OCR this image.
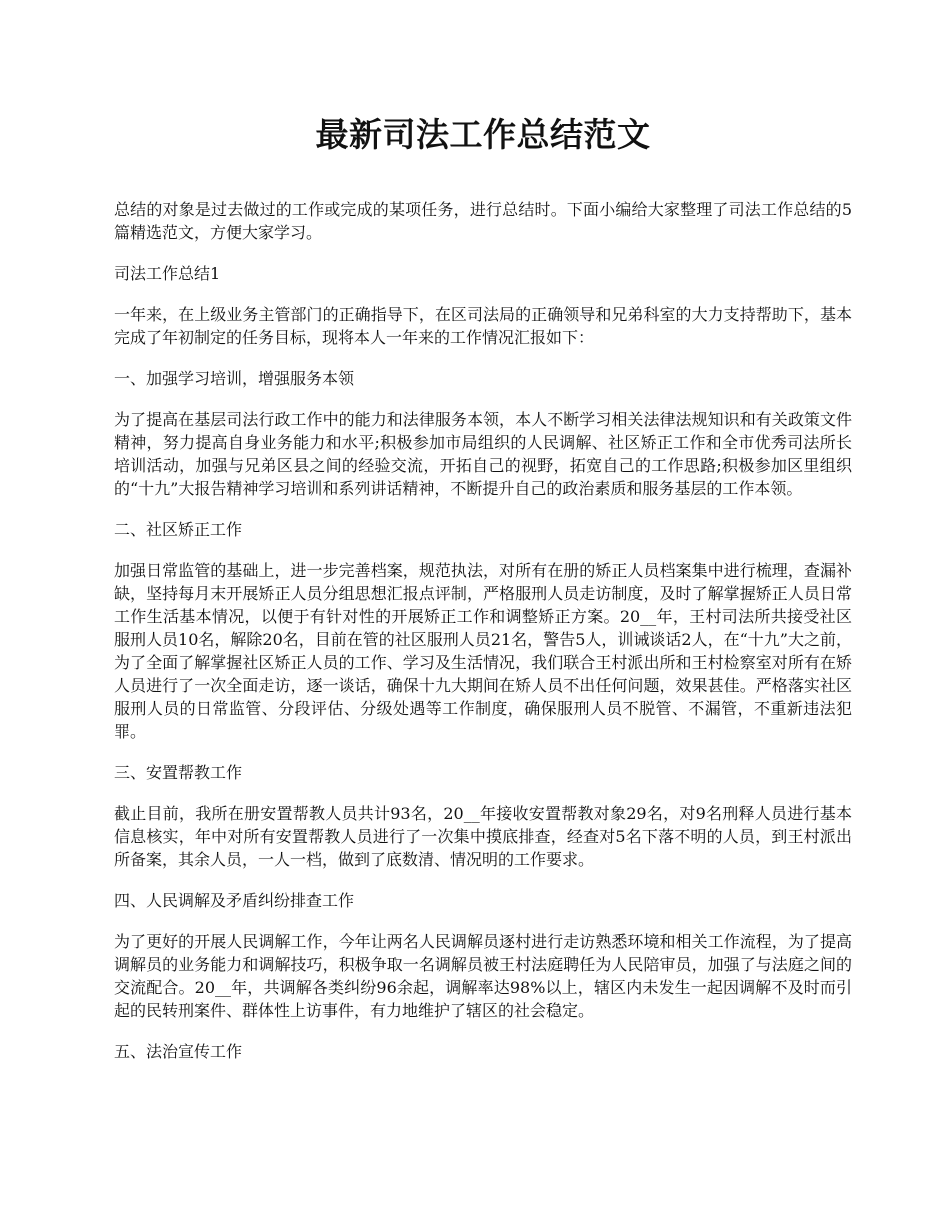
最新司法工作总结范文

总结的对象是过去做过的工作或完成的某项任务，进行总结时。下面小编给大家整理了司法工作总结的5篇精选范文，方便大家学习。

司法工作总结1

一年来，在上级业务主管部门的正确指导下，在区司法局的正确领导和兄弟科室的大力支持帮助下，基本完成了年初制定的任务目标，现将本人一年来的工作情况汇报如下：

一、加强学习培训，增强服务本领

为了提高在基层司法行政工作中的能力和法律服务本领，本人不断学习相关法律法规知识和有关政策文件精神，努力提高自身业务能力和水平;积极参加市局组织的人民调解、社区矫正工作和全市优秀司法所长培训活动，加强与兄弟区县之间的经验交流，开拓自己的视野，拓宽自己的工作思路;积极参加区里组织的“十九”大报告精神学习培训和系列讲话精神，不断提升自己的政治素质和服务基层的工作本领。

二、社区矫正工作

加强日常监管的基础上，进一步完善档案，规范执法，对所有在册的矫正人员档案集中进行梳理，查漏补缺，坚持每月末开展矫正人员分组思想汇报点评制，严格服刑人员走访制度，及时了解掌握矫正人员日常工作生活基本情况，以便于有针对性的开展矫正工作和调整矫正方案。20__年，王村司法所共接受社区服刑人员10名，解除20名，目前在管的社区服刑人员21名，警告5人，训诫谈话2人，在“十九”大之前，为了全面了解掌握社区矫正人员的工作、学习及生活情况，我们联合王村派出所和王村检察室对所有在矫人员进行了一次全面走访，逐一谈话，确保十九大期间在矫人员不出任何问题，效果甚佳。严格落实社区服刑人员的日常监管、分段评估、分级处遇等工作制度，确保服刑人员不脱管、不漏管，不重新违法犯罪。

三、安置帮教工作

截止目前，我所在册安置帮教人员共计93名，20__年接收安置帮教对象29名，对9名刑释人员进行基本信息核实，年中对所有安置帮教人员进行了一次集中摸底排查，经查对5名下落不明的人员，到王村派出所备案，其余人员，一人一档，做到了底数清、情况明的工作要求。

四、人民调解及矛盾纠纷排查工作

为了更好的开展人民调解工作，今年让两名人民调解员逐村进行走访熟悉环境和相关工作流程，为了提高调解员的业务能力和调解技巧，积极争取一名调解员被王村法庭聘任为人民陪审员，加强了与法庭之间的交流配合。20__年，共调解各类纠纷96余起，调解率达98%以上，辖区内未发生一起因调解不及时而引起的民转刑案件、群体性上访事件，有力地维护了辖区的社会稳定。

五、法治宣传工作
